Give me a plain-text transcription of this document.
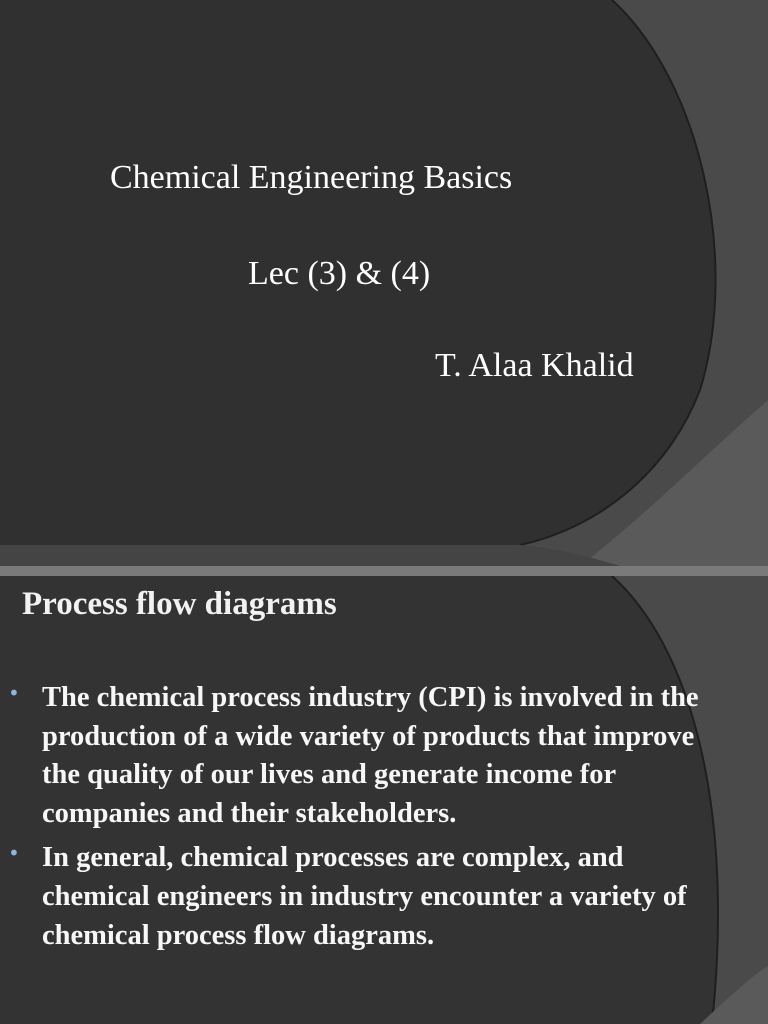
Chemical Engineering Basics
Lec (3) & (4)
T. Alaa Khalid
Process flow diagrams
• The chemical process industry (CPI) is involved in the production of a wide variety of products that improve the quality of our lives and generate income for companies and their stakeholders.
• In general, chemical processes are complex, and chemical engineers in industry encounter a variety of chemical process flow diagrams.
